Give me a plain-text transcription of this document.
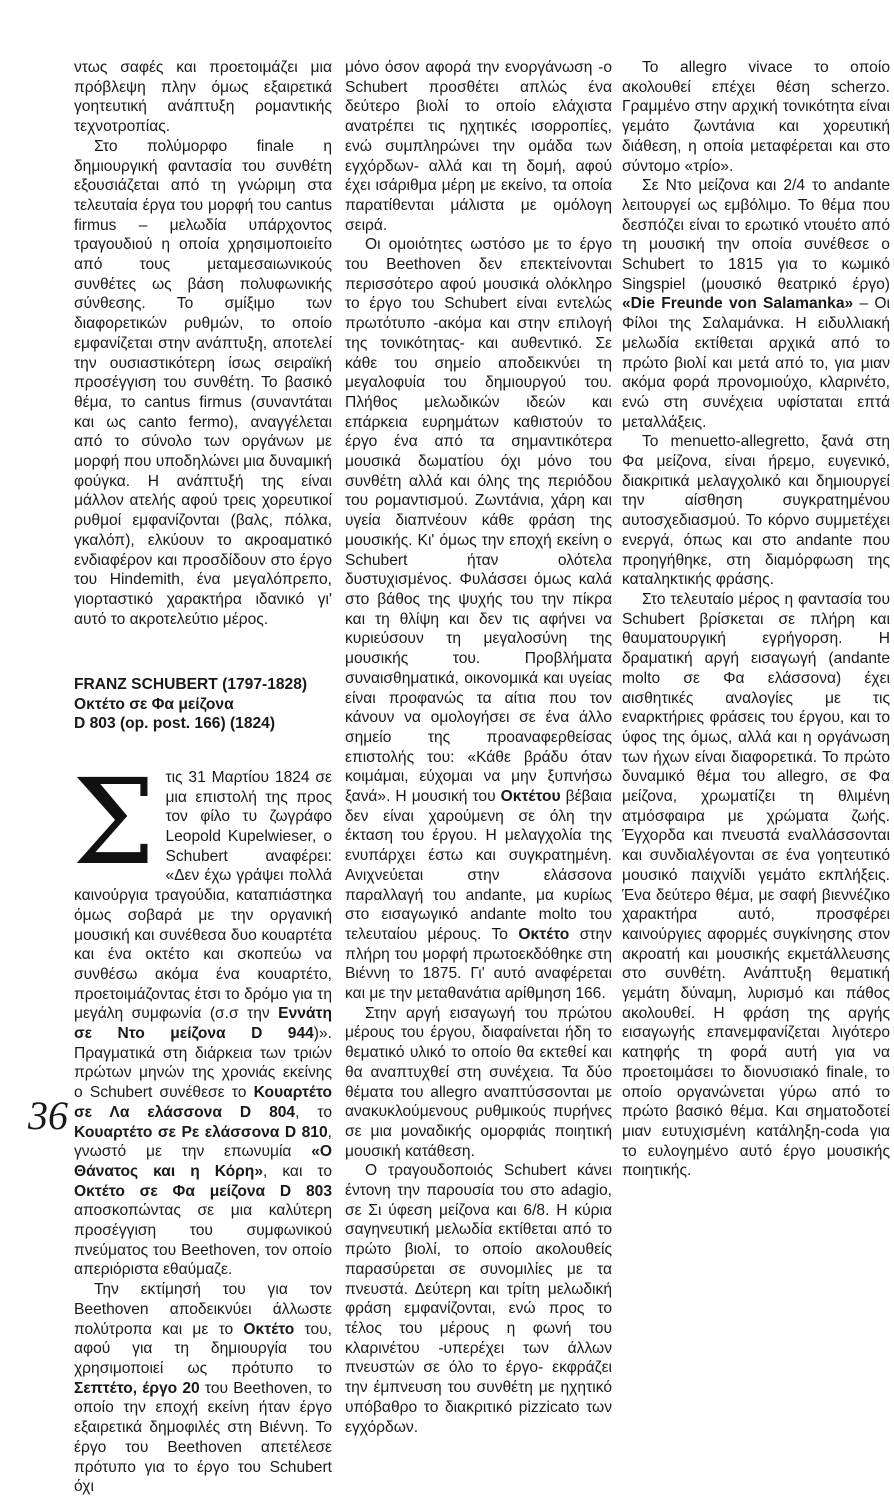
ντως σαφές και προετοιμάζει μια πρόβλεψη πλην όμως εξαιρετικά γοητευτική ανάπτυξη ρομαντικής τεχνοτροπίας.

Στο πολύμορφο finale η δημιουργική φαντασία του συνθέτη εξουσιάζεται από τη γνώριμη στα τελευταία έργα του μορφή του cantus firmus – μελωδία υπάρχοντος τραγουδιού η οποία χρησιμοποιείτο από τους μεταμεσαιωνικούς συνθέτες ως βάση πολυφωνικής σύνθεσης. Το σμίξιμο των διαφορετικών ρυθμών, το οποίο εμφανίζεται στην ανάπτυξη, αποτελεί την ουσιαστικότερη ίσως σειραϊκή προσέγγιση του συνθέτη. Το βασικό θέμα, το cantus firmus (συναντάται και ως canto fermo), αναγγέλεται από το σύνολο των οργάνων με μορφή που υποδηλώνει μια δυναμική φούγκα. Η ανάπτυξή της είναι μάλλον ατελής αφού τρεις χορευτικοί ρυθμοί εμφανίζονται (βαλς, πόλκα, γκαλόπ), ελκύουν το ακροαματικό ενδιαφέρον και προσδίδουν στο έργο του Hindemith, ένα μεγαλόπρεπο, γιορταστικό χαρακτήρα ιδανικό γι' αυτό το ακροτελεύτιο μέρος.

FRANZ SCHUBERT (1797-1828)
Οκτέτο σε Φα μείζονα
D 803 (op. post. 166) (1824)

Στις 31 Μαρτίου 1824 σε μια επιστολή της προς τον φίλο τυ ζωγράφο Leopold Kupelwieser, ο Schubert αναφέρει: «Δεν έχω γράψει πολλά καινούργια τραγούδια, καταπιάστηκα όμως σοβαρά με την οργανική μουσική και συνέθεσα δυο κουαρτέτα και ένα οκτέτο και σκοπεύω να συνθέσω ακόμα ένα κουαρτέτο, προετοιμάζοντας έτσι το δρόμο για τη μεγάλη συμφωνία (σ.σ την Εννάτη σε Ντο μείζονα D 944)». Πραγματικά στη διάρκεια των τριών πρώτων μηνών της χρονιάς εκείνης ο Schubert συνέθεσε το Κουαρτέτο σε Λα ελάσσονα D 804, το Κουαρτέτο σε Ρε ελάσσονα D 810, γνωστό με την επωνυμία «Ο Θάνατος και η Κόρη», και το Οκτέτο σε Φα μείζονα D 803 αποσκοπώντας σε μια καλύτερη προσέγγιση του συμφωνικού πνεύματος του Beethoven, τον οποίο απεριόριστα εθαύμαζε.

Την εκτίμησή του για τον Beethoven αποδεικνύει άλλωστε πολύτροπα και με το Οκτέτο του, αφού για τη δημιουργία του χρησιμοποιεί ως πρότυπο το Σεπτέτο, έργο 20 του Beethoven, το οποίο την εποχή εκείνη ήταν έργο εξαιρετικά δημοφιλές στη Βιέννη. Το έργο του Beethoven απετέλεσε πρότυπο για το έργο του Schubert όχι

μόνο όσον αφορά την ενοργάνωση -ο Schubert προσθέτει απλώς ένα δεύτερο βιολί το οποίο ελάχιστα ανατρέπει τις ηχητικές ισορροπίες, ενώ συμπληρώνει την ομάδα των εγχόρδων- αλλά και τη δομή, αφού έχει ισάριθμα μέρη με εκείνο, τα οποία παρατίθενται μάλιστα με ομόλογη σειρά.

Οι ομοιότητες ωστόσο με το έργο του Beethoven δεν επεκτείνονται περισσότερο αφού μουσικά ολόκληρο το έργο του Schubert είναι εντελώς πρωτότυπο -ακόμα και στην επιλογή της τονικότητας- και αυθεντικό. Σε κάθε του σημείο αποδεικνύει τη μεγαλοφυία του δημιουργού του. Πλήθος μελωδικών ιδεών και επάρκεια ευρημάτων καθιστούν το έργο ένα από τα σημαντικότερα μουσικά δωματίου όχι μόνο του συνθέτη αλλά και όλης της περιόδου του ρομαντισμού. Ζωντάνια, χάρη και υγεία διαπνέουν κάθε φράση της μουσικής. Κι' όμως την εποχή εκείνη ο Schubert ήταν ολότελα δυστυχισμένος. Φυλάσσει όμως καλά στο βάθος της ψυχής του την πίκρα και τη θλίψη και δεν τις αφήνει να κυριεύσουν τη μεγαλοσύνη της μουσικής του. Προβλήματα συναισθηματικά, οικονομικά και υγείας είναι προφανώς τα αίτια που τον κάνουν να ομολογήσει σε ένα άλλο σημείο της προαναφερθείσας επιστολής του: «Κάθε βράδυ όταν κοιμάμαι, εύχομαι να μην ξυπνήσω ξανά». Η μουσική του Οκτέτου βέβαια δεν είναι χαρούμενη σε όλη την έκταση του έργου. Η μελαγχολία της ενυπάρχει έστω και συγκρατημένη. Ανιχνεύεται στην ελάσσονα παραλλαγή του andante, μα κυρίως στο εισαγωγικό andante molto του τελευταίου μέρους. Το Οκτέτο στην πλήρη του μορφή πρωτοεκδόθηκε στη Βιέννη το 1875. Γι' αυτό αναφέρεται και με την μεταθανάτια αρίθμηση 166.

Στην αργή εισαγωγή του πρώτου μέρους του έργου, διαφαίνεται ήδη το θεματικό υλικό το οποίο θα εκτεθεί και θα αναπτυχθεί στη συνέχεια. Τα δύο θέματα του allegro αναπτύσσονται με ανακυκλούμενους ρυθμικούς πυρήνες σε μια μοναδικής ομορφιάς ποιητική μουσική κατάθεση.

Ο τραγουδοποιός Schubert κάνει έντονη την παρουσία του στο adagio, σε Σι ύφεση μείζονα και 6/8. Η κύρια σαγηνευτική μελωδία εκτίθεται από το πρώτο βιολί, το οποίο ακολουθείς παρασύρεται σε συνομιλίες με τα πνευστά. Δεύτερη και τρίτη μελωδική φράση εμφανίζονται, ενώ προς το τέλος του μέρους η φωνή του κλαρινέτου -υπερέχει των άλλων πνευστών σε όλο το έργο- εκφράζει την έμπνευση του συνθέτη με ηχητικό υπόβαθρο το διακριτικό pizzicato των εγχόρδων.

Το allegro vivace το οποίο ακολουθεί επέχει θέση scherzo. Γραμμένο στην αρχική τονικότητα είναι γεμάτο ζωντάνια και χορευτική διάθεση, η οποία μεταφέρεται και στο σύντομο «τρίο».

Σε Ντο μείζονα και 2/4 το andante λειτουργεί ως εμβόλιμο. Το θέμα που δεσπόζει είναι το ερωτικό ντουέτο από τη μουσική την οποία συνέθεσε ο Schubert το 1815 για το κωμικό Singspiel (μουσικό θεατρικό έργο) «Die Freunde von Salamanka» – Οι Φίλοι της Σαλαμάνκα. Η ειδυλλιακή μελωδία εκτίθεται αρχικά από το πρώτο βιολί και μετά από το, για μιαν ακόμα φορά προνομιούχο, κλαρινέτο, ενώ στη συνέχεια υφίσταται επτά μεταλλάξεις.

Το menuetto-allegretto, ξανά στη Φα μείζονα, είναι ήρεμο, ευγενικό, διακριτικά μελαγχολικό και δημιουργεί την αίσθηση συγκρατημένου αυτοσχεδιασμού. Το κόρνο συμμετέχει ενεργά, όπως και στο andante που προηγήθηκε, στη διαμόρφωση της καταληκτικής φράσης.

Στο τελευταίο μέρος η φαντασία του Schubert βρίσκεται σε πλήρη και θαυματουργική εγρήγορση. Η δραματική αργή εισαγωγή (andante molto σε Φα ελάσσονα) έχει αισθητικές αναλογίες με τις εναρκτήριες φράσεις του έργου, και το ύφος της όμως, αλλά και η οργάνωση των ήχων είναι διαφορετικά. Το πρώτο δυναμικό θέμα του allegro, σε Φα μείζονα, χρωματίζει τη θλιμένη ατμόσφαιρα με χρώματα ζωής. Έγχορδα και πνευστά εναλλάσσονται και συνδιαλέγονται σε ένα γοητευτικό μουσικό παιχνίδι γεμάτο εκπλήξεις. Ένα δεύτερο θέμα, με σαφή βιεννέζικο χαρακτήρα αυτό, προσφέρει καινούργιες αφορμές συγκίνησης στον ακροατή και μουσικής εκμετάλλευσης στο συνθέτη. Ανάπτυξη θεματική γεμάτη δύναμη, λυρισμό και πάθος ακολουθεί. Η φράση της αργής εισαγωγής επανεμφανίζεται λιγότερο κατηφής τη φορά αυτή για να προετοιμάσει το διονυσιακό finale, το οποίο οργανώνεται γύρω από το πρώτο βασικό θέμα. Και σηματοδοτεί μιαν ευτυχισμένη κατάληξη-coda για το ευλογημένο αυτό έργο μουσικής ποιητικής.

36
